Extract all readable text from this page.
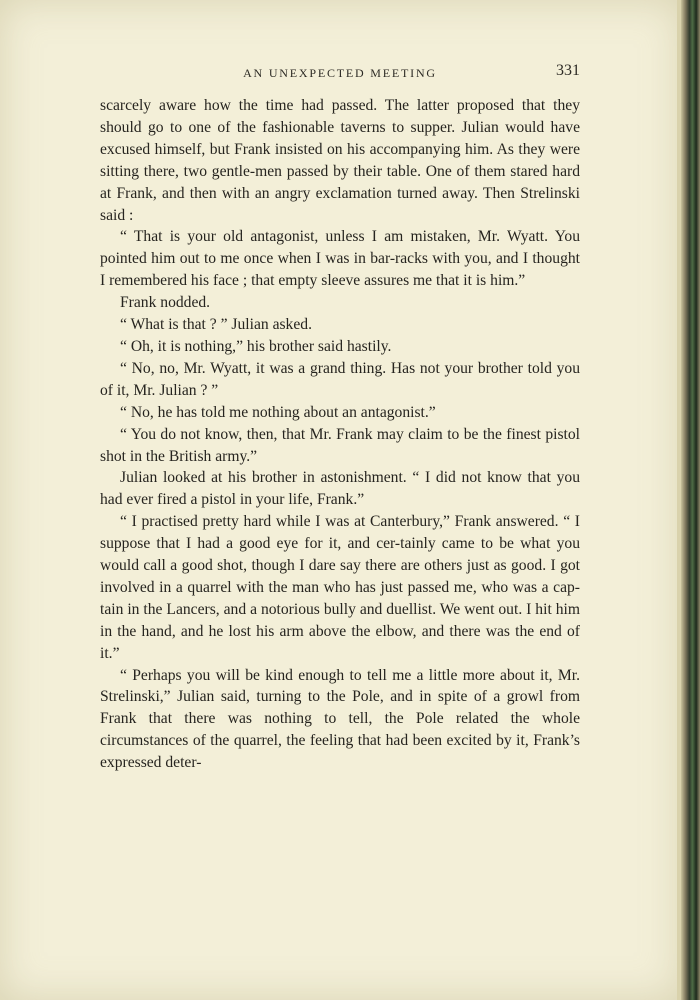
AN UNEXPECTED MEETING	331

scarcely aware how the time had passed. The latter proposed that they should go to one of the fashionable taverns to supper. Julian would have excused himself, but Frank insisted on his accompanying him. As they were sitting there, two gentle-men passed by their table. One of them stared hard at Frank, and then with an angry exclamation turned away. Then Strelinski said :

“ That is your old antagonist, unless I am mistaken, Mr. Wyatt. You pointed him out to me once when I was in bar-racks with you, and I thought I remembered his face ; that empty sleeve assures me that it is him.”

Frank nodded.

“ What is that ? ” Julian asked.

“ Oh, it is nothing,” his brother said hastily.

“ No, no, Mr. Wyatt, it was a grand thing. Has not your brother told you of it, Mr. Julian ? ”

“ No, he has told me nothing about an antagonist.”

“ You do not know, then, that Mr. Frank may claim to be the finest pistol shot in the British army.”

Julian looked at his brother in astonishment. “ I did not know that you had ever fired a pistol in your life, Frank.”

“ I practised pretty hard while I was at Canterbury,” Frank answered. “ I suppose that I had a good eye for it, and cer-tainly came to be what you would call a good shot, though I dare say there are others just as good. I got involved in a quarrel with the man who has just passed me, who was a cap-tain in the Lancers, and a notorious bully and duellist. We went out. I hit him in the hand, and he lost his arm above the elbow, and there was the end of it.”

“ Perhaps you will be kind enough to tell me a little more about it, Mr. Strelinski,” Julian said, turning to the Pole, and in spite of a growl from Frank that there was nothing to tell, the Pole related the whole circumstances of the quarrel, the feeling that had been excited by it, Frank’s expressed deter-
